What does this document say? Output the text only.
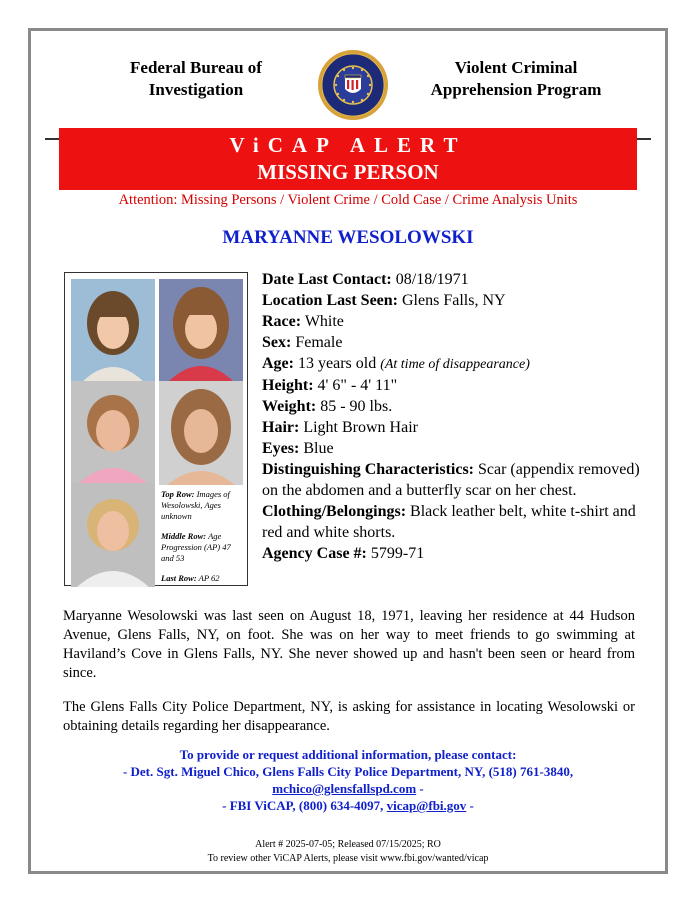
Federal Bureau of
Investigation
Violent Criminal
Apprehension Program
ViCAP ALERT
MISSING PERSON
Attention: Missing Persons / Violent Crime / Cold Case / Crime Analysis Units
MARYANNE WESOLOWSKI
Top Row: Images of Wesolowski, Ages unknown
Middle Row: Age Progression (AP) 47 and 53
Last Row: AP 62

Date Last Contact: 08/18/1971

Location Last Seen: Glens Falls, NY

Race: White

Sex: Female

Age: 13 years old (At time of disappearance)

Height: 4' 6" - 4' 11"

Weight: 85 - 90 lbs.

Hair: Light Brown Hair

Eyes: Blue

Distinguishing Characteristics: Scar (appendix removed) on the abdomen and a butterfly scar on her chest.

Clothing/Belongings: Black leather belt, white t-shirt and red and white shorts.

Agency Case #: 5799-71

Maryanne Wesolowski was last seen on August 18, 1971, leaving her residence at 44 Hudson Avenue, Glens Falls, NY, on foot. She was on her way to meet friends to go swimming at Haviland’s Cove in Glens Falls, NY. She never showed up and hasn't been seen or heard from since.

The Glens Falls City Police Department, NY, is asking for assistance in locating Wesolowski or obtaining details regarding her disappearance.

To provide or request additional information, please contact:
- Det. Sgt. Miguel Chico, Glens Falls City Police Department, NY, (518) 761-3840,
mchico@glensfallspd.com -
- FBI ViCAP, (800) 634-4097, vicap@fbi.gov -
Alert # 2025-07-05; Released 07/15/2025; RO
To review other ViCAP Alerts, please visit www.fbi.gov/wanted/vicap
